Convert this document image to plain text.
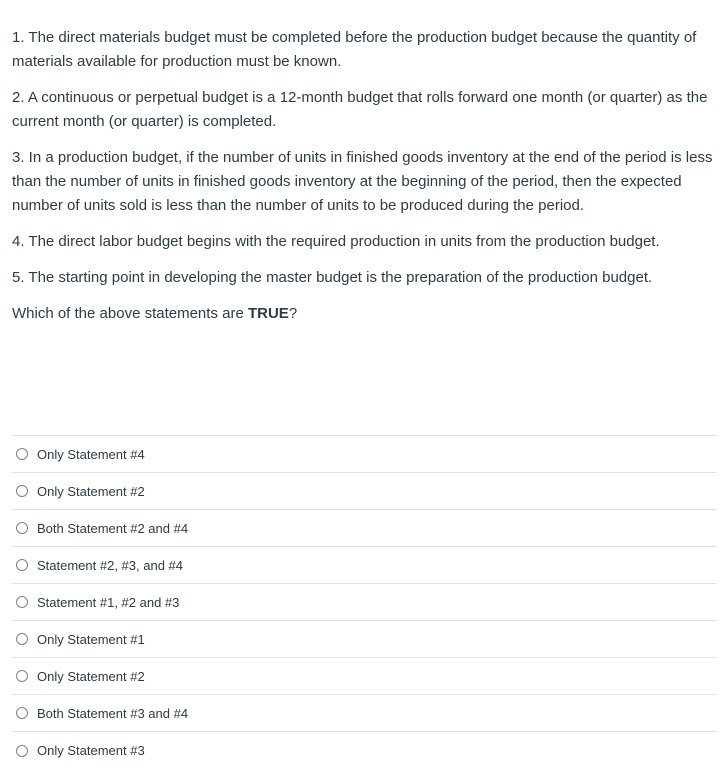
1. The direct materials budget must be completed before the production budget because the quantity of materials available for production must be known.

2. A continuous or perpetual budget is a 12-month budget that rolls forward one month (or quarter) as the current month (or quarter) is completed.

3. In a production budget, if the number of units in finished goods inventory at the end of the period is less than the number of units in finished goods inventory at the beginning of the period, then the expected number of units sold is less than the number of units to be produced during the period.

4. The direct labor budget begins with the required production in units from the production budget.

5. The starting point in developing the master budget is the preparation of the production budget.

Which of the above statements are TRUE?

Only Statement #4
Only Statement #2
Both Statement #2 and #4
Statement #2, #3, and #4
Statement #1, #2 and #3
Only Statement #1
Only Statement #2
Both Statement #3 and #4
Only Statement #3
